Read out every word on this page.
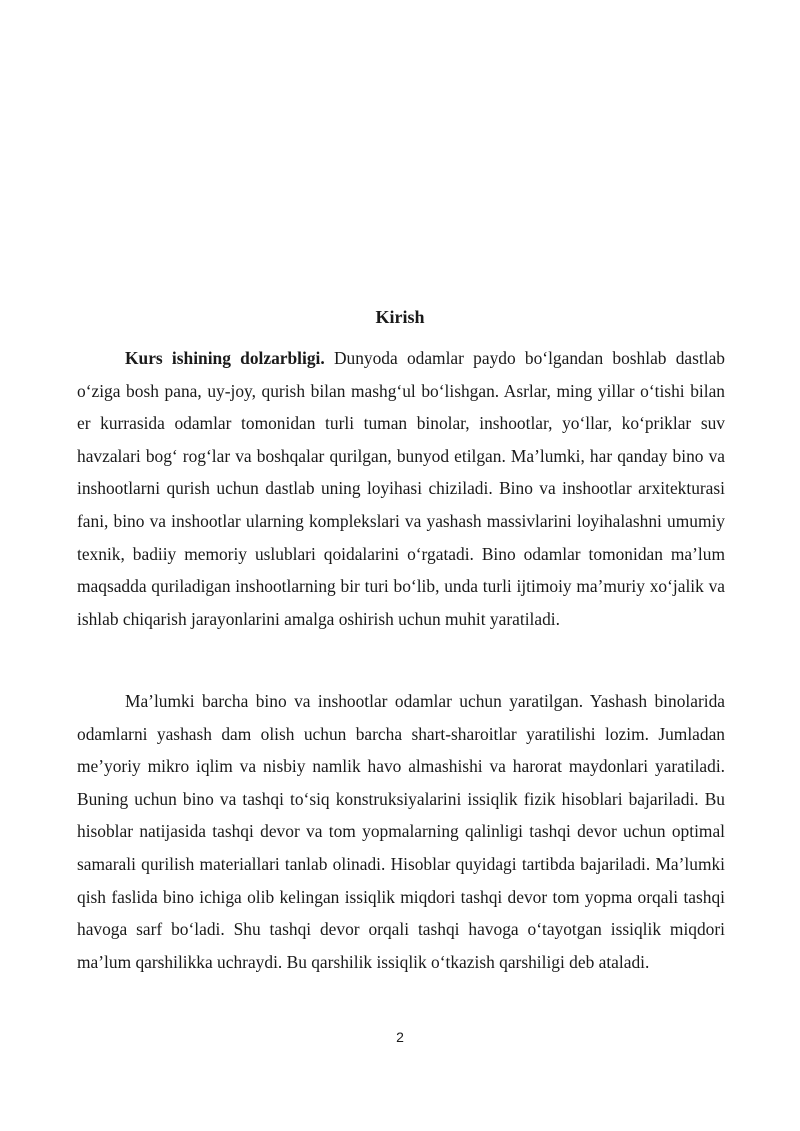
Kirish

Kurs ishining dolzarbligi. Dunyoda odamlar paydo bo‘lgandan boshlab dastlab o‘ziga bosh pana, uy-joy, qurish bilan mashg‘ul bo‘lishgan. Asrlar, ming yillar o‘tishi bilan er kurrasida odamlar tomonidan turli tuman binolar, inshootlar, yo‘llar, ko‘priklar suv havzalari bog‘ rog‘lar va boshqalar qurilgan, bunyod etilgan. Ma’lumki, har qanday bino va inshootlarni qurish uchun dastlab uning loyihasi chiziladi. Bino va inshootlar arxitekturasi fani, bino va inshootlar ularning komplekslari va yashash massivlarini loyihalashni umumiy texnik, badiiy memoriy uslublari qoidalarini o‘rgatadi. Bino odamlar tomonidan ma’lum maqsadda quriladigan inshootlarning bir turi bo‘lib, unda turli ijtimoiy ma’muriy xo‘jalik va ishlab chiqarish jarayonlarini amalga oshirish uchun muhit yaratiladi.

Ma’lumki barcha bino va inshootlar odamlar uchun yaratilgan. Yashash binolarida odamlarni yashash dam olish uchun barcha shart-sharoitlar yaratilishi lozim. Jumladan me’yoriy mikro iqlim va nisbiy namlik havo almashishi va harorat maydonlari yaratiladi. Buning uchun bino va tashqi to‘siq konstruksiyalarini issiqlik fizik hisoblari bajariladi. Bu hisoblar natijasida tashqi devor va tom yopmalarning qalinligi tashqi devor uchun optimal samarali qurilish materiallari tanlab olinadi. Hisoblar quyidagi tartibda bajariladi. Ma’lumki qish faslida bino ichiga olib kelingan issiqlik miqdori tashqi devor tom yopma orqali tashqi havoga sarf bo‘ladi. Shu tashqi devor orqali tashqi havoga o‘tayotgan issiqlik miqdori ma’lum qarshilikka uchraydi. Bu qarshilik issiqlik o‘tkazish qarshiligi deb ataladi.

2
